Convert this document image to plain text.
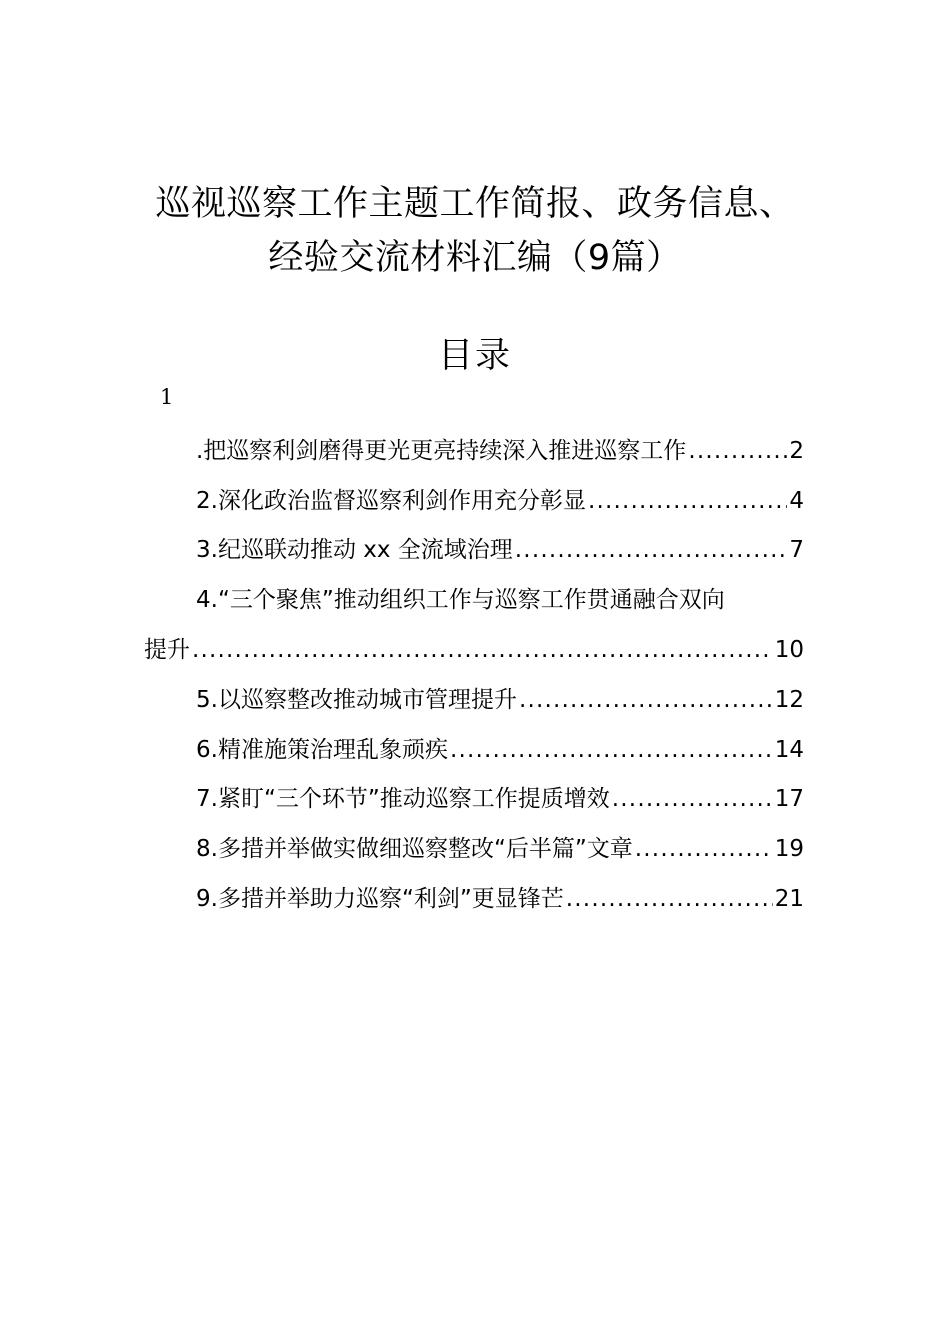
巡视巡察工作主题工作简报、政务信息、
经验交流材料汇编（9篇）
目录
1
.把巡察利剑磨得更光更亮持续深入推进巡察工作 .....	2
2.深化政治监督巡察利剑作用充分彰显 .....	4
3.纪巡联动推动 xx 全流域治理 .....	7
4.“三个聚焦”推动组织工作与巡察工作贯通融合双向
提升 .....	10
5.以巡察整改推动城市管理提升 .....	12
6.精准施策治理乱象顽疾 .....	14
7.紧盯“三个环节”推动巡察工作提质增效 .....	17
8.多措并举做实做细巡察整改“后半篇”文章 .....	19
9.多措并举助力巡察“利剑”更显锋芒 .....	21
